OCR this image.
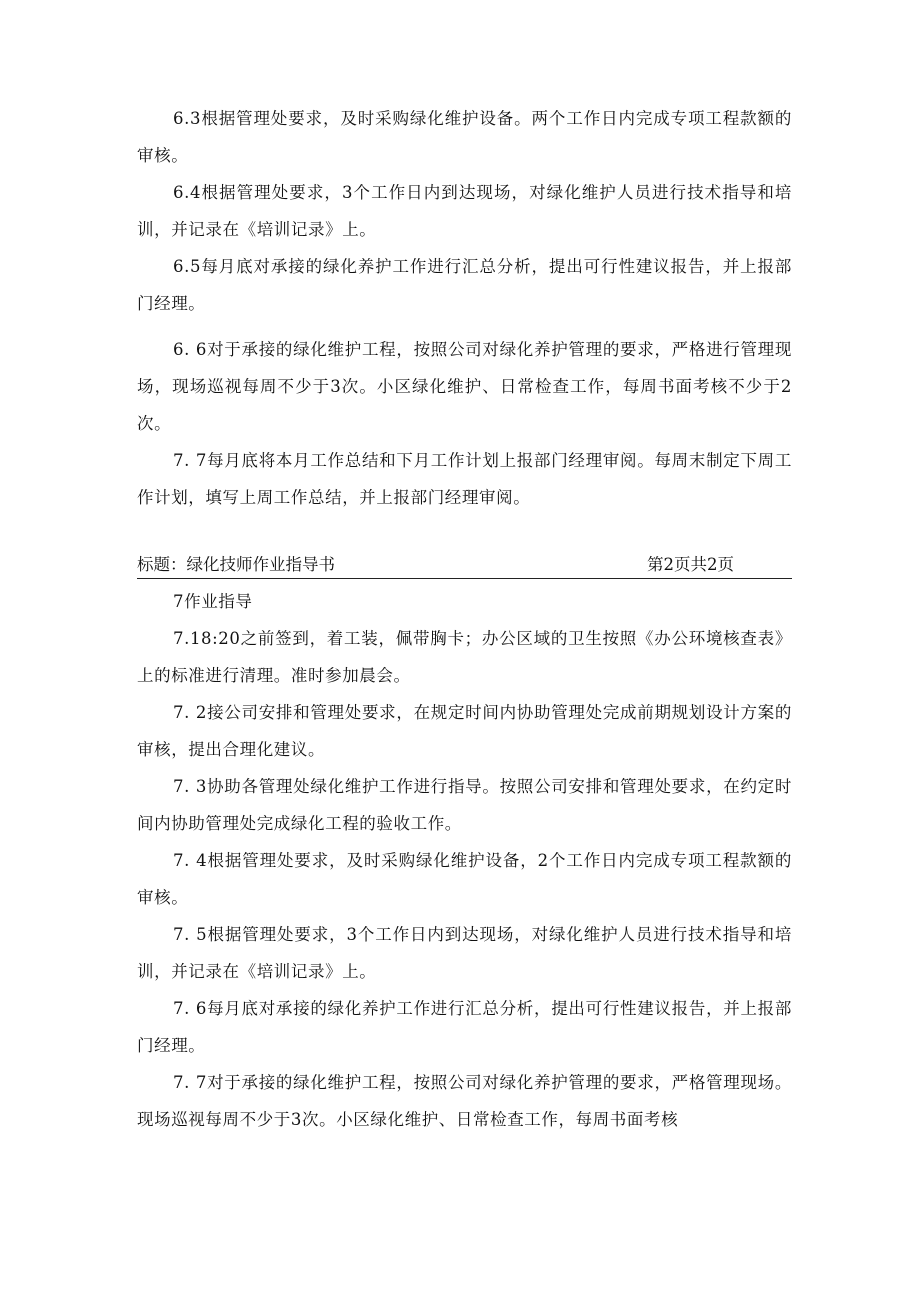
6.3根据管理处要求，及时采购绿化维护设备。两个工作日内完成专项工程款额的审核。

6.4根据管理处要求，3个工作日内到达现场，对绿化维护人员进行技术指导和培训，并记录在《培训记录》上。

6.5每月底对承接的绿化养护工作进行汇总分析，提出可行性建议报告，并上报部门经理。

6. 6对于承接的绿化维护工程，按照公司对绿化养护管理的要求，严格进行管理现场，现场巡视每周不少于3次。小区绿化维护、日常检查工作，每周书面考核不少于2次。

7. 7每月底将本月工作总结和下月工作计划上报部门经理审阅。每周末制定下周工作计划，填写上周工作总结，并上报部门经理审阅。

标题：绿化技师作业指导书	第2页共2页

7作业指导

7.18:20之前签到，着工装，佩带胸卡；办公区域的卫生按照《办公环境核查表》上的标准进行清理。准时参加晨会。

7. 2接公司安排和管理处要求，在规定时间内协助管理处完成前期规划设计方案的审核，提出合理化建议。

7. 3协助各管理处绿化维护工作进行指导。按照公司安排和管理处要求，在约定时间内协助管理处完成绿化工程的验收工作。

7. 4根据管理处要求，及时采购绿化维护设备，2个工作日内完成专项工程款额的审核。

7. 5根据管理处要求，3个工作日内到达现场，对绿化维护人员进行技术指导和培训，并记录在《培训记录》上。

7. 6每月底对承接的绿化养护工作进行汇总分析，提出可行性建议报告，并上报部门经理。

7. 7对于承接的绿化维护工程，按照公司对绿化养护管理的要求，严格管理现场。现场巡视每周不少于3次。小区绿化维护、日常检查工作，每周书面考核
